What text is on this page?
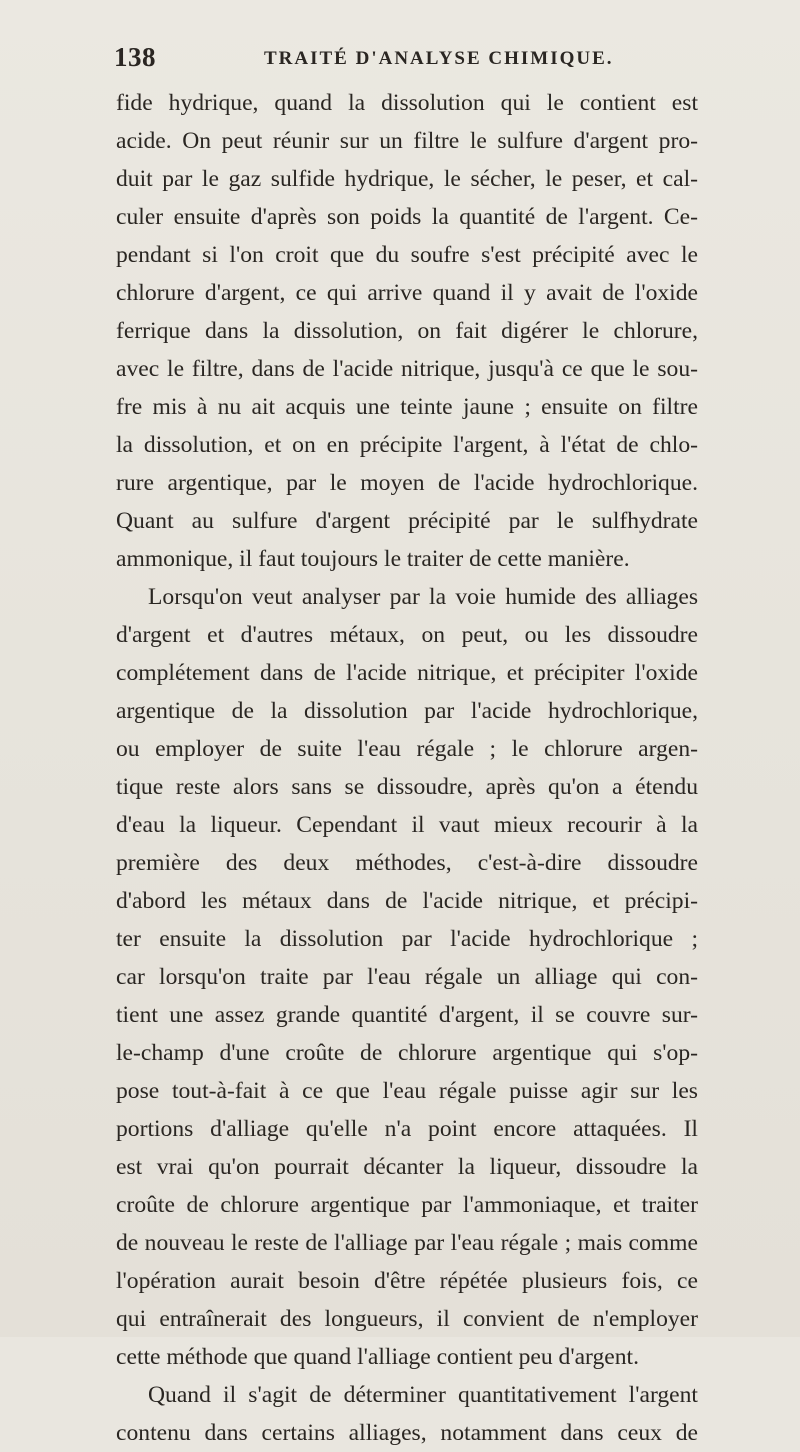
138	TRAITÉ D'ANALYSE CHIMIQUE.
fide hydrique, quand la dissolution qui le contient est
acide. On peut réunir sur un filtre le sulfure d'argent pro-
duit par le gaz sulfide hydrique, le sécher, le peser, et cal-
culer ensuite d'après son poids la quantité de l'argent. Ce-
pendant si l'on croit que du soufre s'est précipité avec le
chlorure d'argent, ce qui arrive quand il y avait de l'oxide
ferrique dans la dissolution, on fait digérer le chlorure,
avec le filtre, dans de l'acide nitrique, jusqu'à ce que le sou-
fre mis à nu ait acquis une teinte jaune ; ensuite on filtre
la dissolution, et on en précipite l'argent, à l'état de chlo-
rure argentique, par le moyen de l'acide hydrochlorique.
Quant au sulfure d'argent précipité par le sulfhydrate
ammonique, il faut toujours le traiter de cette manière.
Lorsqu'on veut analyser par la voie humide des alliages
d'argent et d'autres métaux, on peut, ou les dissoudre
complétement dans de l'acide nitrique, et précipiter l'oxide
argentique de la dissolution par l'acide hydrochlorique,
ou employer de suite l'eau régale ; le chlorure argen-
tique reste alors sans se dissoudre, après qu'on a étendu
d'eau la liqueur. Cependant il vaut mieux recourir à la
première des deux méthodes, c'est-à-dire dissoudre
d'abord les métaux dans de l'acide nitrique, et précipi-
ter ensuite la dissolution par l'acide hydrochlorique ;
car lorsqu'on traite par l'eau régale un alliage qui con-
tient une assez grande quantité d'argent, il se couvre sur-
le-champ d'une croûte de chlorure argentique qui s'op-
pose tout-à-fait à ce que l'eau régale puisse agir sur les
portions d'alliage qu'elle n'a point encore attaquées. Il
est vrai qu'on pourrait décanter la liqueur, dissoudre la
croûte de chlorure argentique par l'ammoniaque, et traiter
de nouveau le reste de l'alliage par l'eau régale ; mais comme
l'opération aurait besoin d'être répétée plusieurs fois, ce
qui entraînerait des longueurs, il convient de n'employer
cette méthode que quand l'alliage contient peu d'argent.
Quand il s'agit de déterminer quantitativement l'argent
contenu dans certains alliages, notamment dans ceux de
